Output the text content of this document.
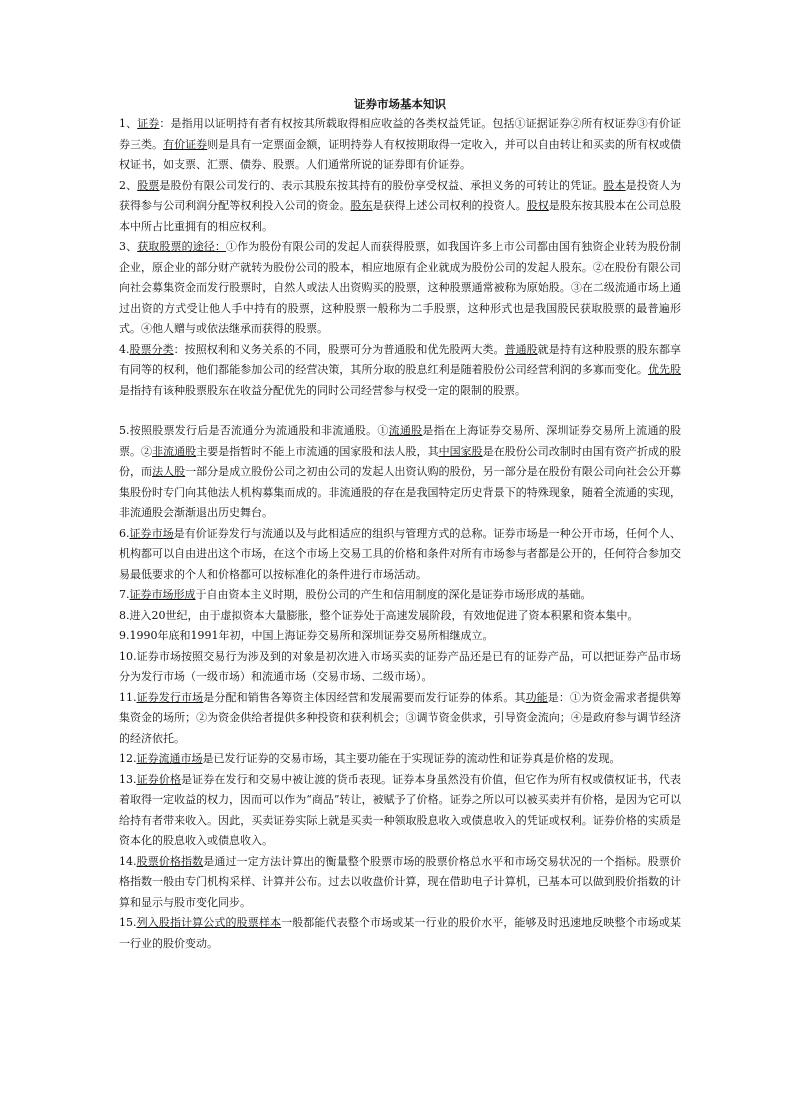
证券市场基本知识

1、证券：是指用以证明持有者有权按其所载取得相应收益的各类权益凭证。包括①证据证券②所有权证券③有价证券三类。有价证券则是具有一定票面金额，证明持券人有权按期取得一定收入，并可以自由转让和买卖的所有权或债权证书，如支票、汇票、债券、股票。人们通常所说的证券即有价证券。

2、股票是股份有限公司发行的、表示其股东按其持有的股份享受权益、承担义务的可转让的凭证。股本是投资人为获得参与公司利润分配等权利投入公司的资金。股东是获得上述公司权利的投资人。股权是股东按其股本在公司总股本中所占比重拥有的相应权利。

3、获取股票的途径：①作为股份有限公司的发起人而获得股票，如我国许多上市公司都由国有独资企业转为股份制企业，原企业的部分财产就转为股份公司的股本，相应地原有企业就成为股份公司的发起人股东。②在股份有限公司向社会募集资金而发行股票时，自然人或法人出资购买的股票，这种股票通常被称为原始股。③在二级流通市场上通过出资的方式受让他人手中持有的股票，这种股票一般称为二手股票，这种形式也是我国股民获取股票的最普遍形式。④他人赠与或依法继承而获得的股票。

4.股票分类：按照权利和义务关系的不同，股票可分为普通股和优先股两大类。普通股就是持有这种股票的股东都享有同等的权利，他们都能参加公司的经营决策，其所分取的股息红利是随着股份公司经营利润的多寡而变化。优先股是指持有该种股票股东在收益分配优先的同时公司经营参与权受一定的限制的股票。

5.按照股票发行后是否流通分为流通股和非流通股。①流通股是指在上海证券交易所、深圳证券交易所上流通的股票。②非流通股主要是指暂时不能上市流通的国家股和法人股，其中国家股是在股份公司改制时由国有资产折成的股份，而法人股一部分是成立股份公司之初由公司的发起人出资认购的股份，另一部分是在股份有限公司向社会公开募集股份时专门向其他法人机构募集而成的。非流通股的存在是我国特定历史背景下的特殊现象，随着全流通的实现，非流通股会渐渐退出历史舞台。

6.证券市场是有价证券发行与流通以及与此相适应的组织与管理方式的总称。证券市场是一种公开市场，任何个人、机构都可以自由进出这个市场，在这个市场上交易工具的价格和条件对所有市场参与者都是公开的，任何符合参加交易最低要求的个人和价格都可以按标准化的条件进行市场活动。

7.证券市场形成于自由资本主义时期，股份公司的产生和信用制度的深化是证券市场形成的基础。

8.进入20世纪，由于虚拟资本大量膨胀，整个证券处于高速发展阶段，有效地促进了资本积累和资本集中。

9.1990年底和1991年初，中国上海证券交易所和深圳证券交易所相继成立。

10.证券市场按照交易行为涉及到的对象是初次进入市场买卖的证券产品还是已有的证券产品，可以把证券产品市场分为发行市场（一级市场）和流通市场（交易市场、二级市场）。

11.证券发行市场是分配和销售各筹资主体因经营和发展需要而发行证券的体系。其功能是：①为资金需求者提供筹集资金的场所；②为资金供给者提供多种投资和获利机会；③调节资金供求，引导资金流向；④是政府参与调节经济的经济依托。

12.证券流通市场是已发行证券的交易市场，其主要功能在于实现证券的流动性和证券真是价格的发现。

13.证券价格是证券在发行和交易中被让渡的货币表现。证券本身虽然没有价值，但它作为所有权或债权证书，代表着取得一定收益的权力，因而可以作为“商品”转让，被赋予了价格。证券之所以可以被买卖并有价格，是因为它可以给持有者带来收入。因此，买卖证券实际上就是买卖一种领取股息收入或债息收入的凭证或权利。证券价格的实质是资本化的股息收入或债息收入。

14.股票价格指数是通过一定方法计算出的衡量整个股票市场的股票价格总水平和市场交易状况的一个指标。股票价格指数一般由专门机构采样、计算并公布。过去以收盘价计算，现在借助电子计算机，已基本可以做到股价指数的计算和显示与股市变化同步。

15.列入股指计算公式的股票样本一般都能代表整个市场或某一行业的股价水平，能够及时迅速地反映整个市场或某一行业的股价变动。
